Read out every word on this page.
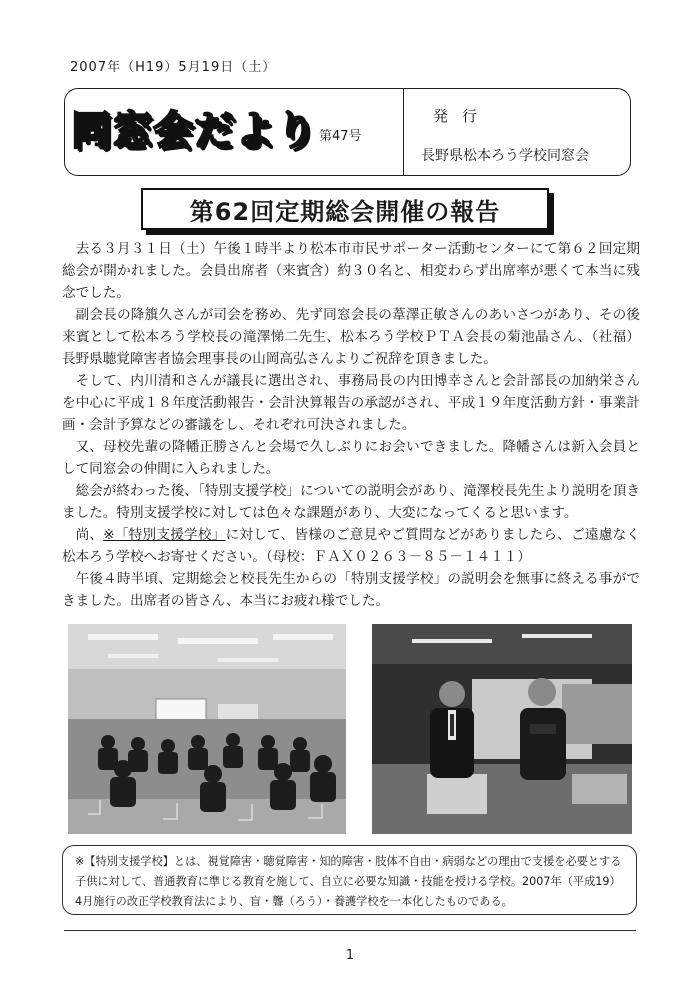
2007年（H19）5月19日（土）
同窓会だより 第47号
発行
長野県松本ろう学校同窓会
第62回定期総会開催の報告

去る３月３１日（土）午後１時半より松本市市民サポーター活動センターにて第６２回定期総会が開かれました。会員出席者（来賓含）約３０名と、相変わらず出席率が悪くて本当に残念でした。

副会長の降籏久さんが司会を務め、先ず同窓会長の葦澤正敏さんのあいさつがあり、その後来賓として松本ろう学校長の滝澤悌二先生、松本ろう学校ＰＴＡ会長の菊池晶さん、（社福）長野県聴覚障害者協会理事長の山岡高弘さんよりご祝辞を頂きました。

そして、内川清和さんが議長に選出され、事務局長の内田博幸さんと会計部長の加納栄さんを中心に平成１８年度活動報告・会計決算報告の承認がされ、平成１９年度活動方針・事業計画・会計予算などの審議をし、それぞれ可決されました。

又、母校先輩の降幡正勝さんと会場で久しぶりにお会いできました。降幡さんは新入会員として同窓会の仲間に入られました。

総会が終わった後、「特別支援学校」についての説明会があり、滝澤校長先生より説明を頂きました。特別支援学校に対しては色々な課題があり、大変になってくると思います。

尚、※「特別支援学校」に対して、皆様のご意見やご質問などがありましたら、ご遠慮なく松本ろう学校へお寄せください。（母校：ＦＡＸ０２６３－８５－１４１１）

午後４時半頃、定期総会と校長先生からの「特別支援学校」の説明会を無事に終える事ができました。出席者の皆さん、本当にお疲れ様でした。

※【特別支援学校】とは、視覚障害・聴覚障害・知的障害・肢体不自由・病弱などの理由で支援を必要とする子供に対して、普通教育に準じる教育を施して、自立に必要な知識・技能を授ける学校。2007年（平成19）4月施行の改正学校教育法により、盲・聾（ろう）・養護学校を一本化したものである。
1
